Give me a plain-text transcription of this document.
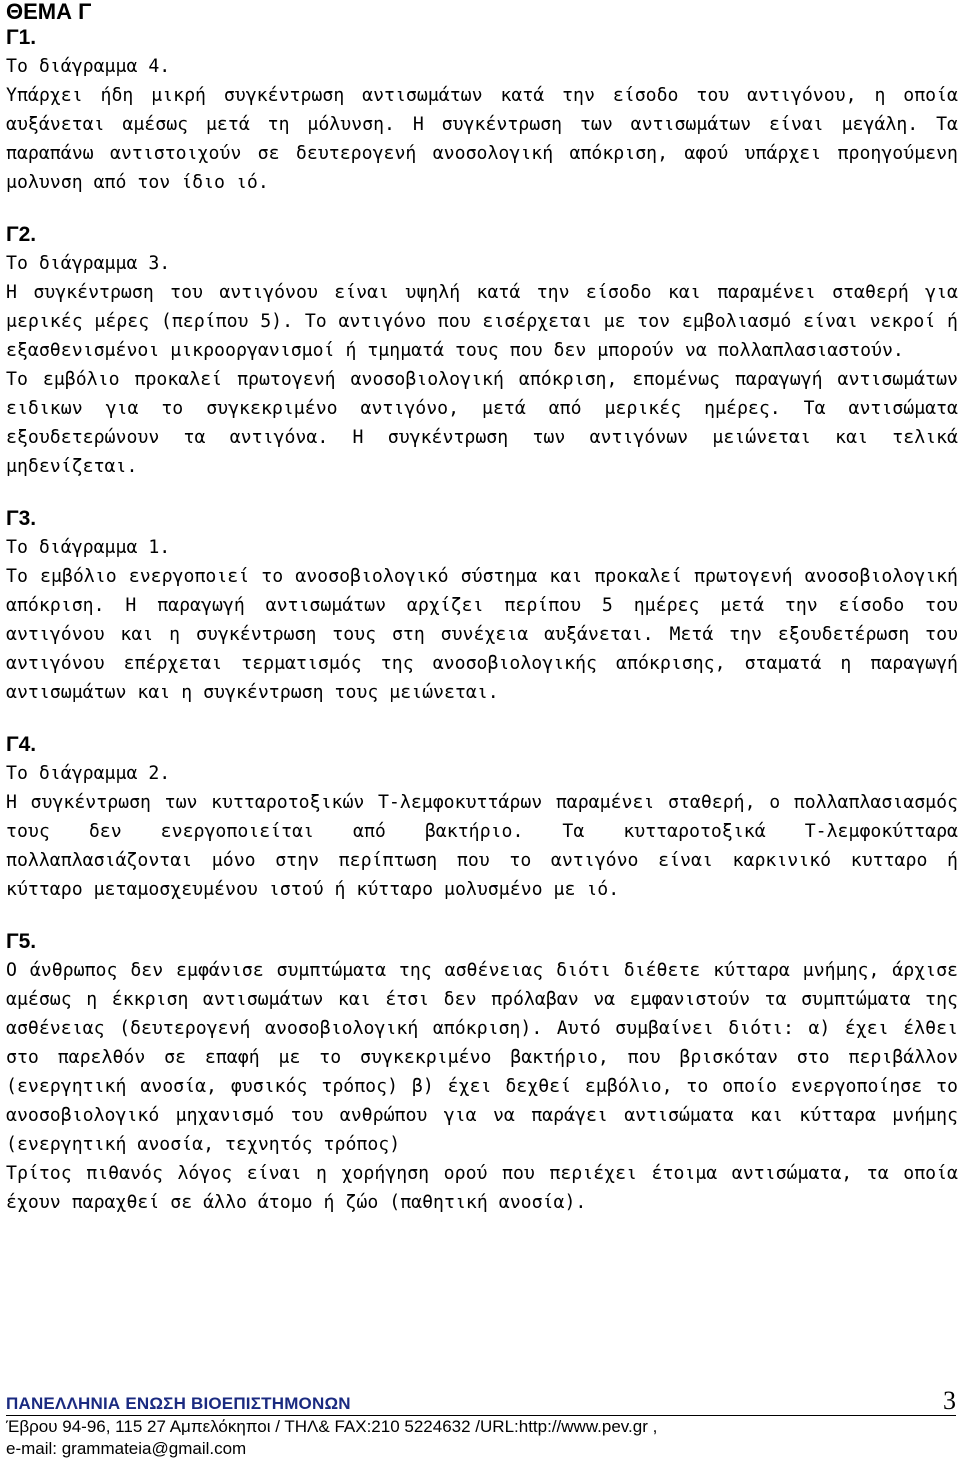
ΘΕΜΑ Γ
Γ1.

Το διάγραμμα 4.

Υπάρχει ήδη μικρή συγκέντρωση αντισωμάτων κατά την είσοδο του αντιγόνου, η οποία αυξάνεται αμέσως μετά τη μόλυνση. Η συγκέντρωση των αντισωμάτων είναι μεγάλη. Τα παραπάνω αντιστοιχούν σε δευτερογενή ανοσολογική απόκριση, αφού υπάρχει προηγούμενη μολυνση από τον ίδιο ιό.

Γ2.

Το διάγραμμα 3.

Η συγκέντρωση του αντιγόνου είναι υψηλή κατά την είσοδο και παραμένει σταθερή για μερικές μέρες (περίπου 5). Το αντιγόνο που εισέρχεται με τον εμβολιασμό είναι νεκροί ή εξασθενισμένοι μικροοργανισμοί ή τμηματά τους που δεν μπορούν να πολλαπλασιαστούν.

Το εμβόλιο προκαλεί πρωτογενή ανοσοβιολογική απόκριση, επομένως παραγωγή αντισωμάτων ειδικων για το συγκεκριμένο αντιγόνο, μετά από μερικές ημέρες. Τα αντισώματα εξουδετερώνουν τα αντιγόνα. Η συγκέντρωση των αντιγόνων μειώνεται και τελικά μηδενίζεται.

Γ3.

Το διάγραμμα 1.

Το εμβόλιο ενεργοποιεί το ανοσοβιολογικό σύστημα και προκαλεί πρωτογενή ανοσοβιολογική απόκριση. Η παραγωγή αντισωμάτων αρχίζει περίπου 5 ημέρες μετά την είσοδο του αντιγόνου και η συγκέντρωση τους στη συνέχεια αυξάνεται. Μετά την εξουδετέρωση του αντιγόνου επέρχεται τερματισμός της ανοσοβιολογικής απόκρισης, σταματά η παραγωγή αντισωμάτων και η συγκέντρωση τους μειώνεται.

Γ4.

Το διάγραμμα 2.

Η συγκέντρωση των κυτταροτοξικών Τ-λεμφοκυττάρων παραμένει σταθερή, ο πολλαπλασιασμός τους δεν ενεργοποιείται από βακτήριο. Τα κυτταροτοξικά Τ-λεμφοκύτταρα πολλαπλασιάζονται μόνο στην περίπτωση που το αντιγόνο είναι καρκινικό κυτταρο ή κύτταρο μεταμοσχευμένου ιστού ή κύτταρο μολυσμένο με ιό.

Γ5.

Ο άνθρωπος δεν εμφάνισε συμπτώματα της ασθένειας διότι διέθετε κύτταρα μνήμης, άρχισε αμέσως η έκκριση αντισωμάτων και έτσι δεν πρόλαβαν να εμφανιστούν τα συμπτώματα της ασθένειας (δευτερογενή ανοσοβιολογική απόκριση). Αυτό συμβαίνει διότι: α) έχει έλθει στο παρελθόν σε επαφή με το συγκεκριμένο βακτήριο, που βρισκόταν στο περιβάλλον (ενεργητική ανοσία, φυσικός τρόπος) β) έχει δεχθεί εμβόλιο, το οποίο ενεργοποίησε το ανοσοβιολογικό μηχανισμό του ανθρώπου για να παράγει αντισώματα και κύτταρα μνήμης (ενεργητική ανοσία, τεχνητός τρόπος)

Τρίτος πιθανός λόγος είναι η χορήγηση ορού που περιέχει έτοιμα αντισώματα, τα οποία έχουν παραχθεί σε άλλο άτομο ή ζώο (παθητική ανοσία).

ΠΑΝΕΛΛΗΝΙΑ ΕΝΩΣΗ ΒΙΟΕΠΙΣΤΗΜΟΝΩΝ	3
Έβρου 94-96, 115 27 Αμπελόκηποι / ΤΗΛ& FAX:210 5224632 /URL:http://www.pev.gr ,
e-mail: grammateia@gmail.com
